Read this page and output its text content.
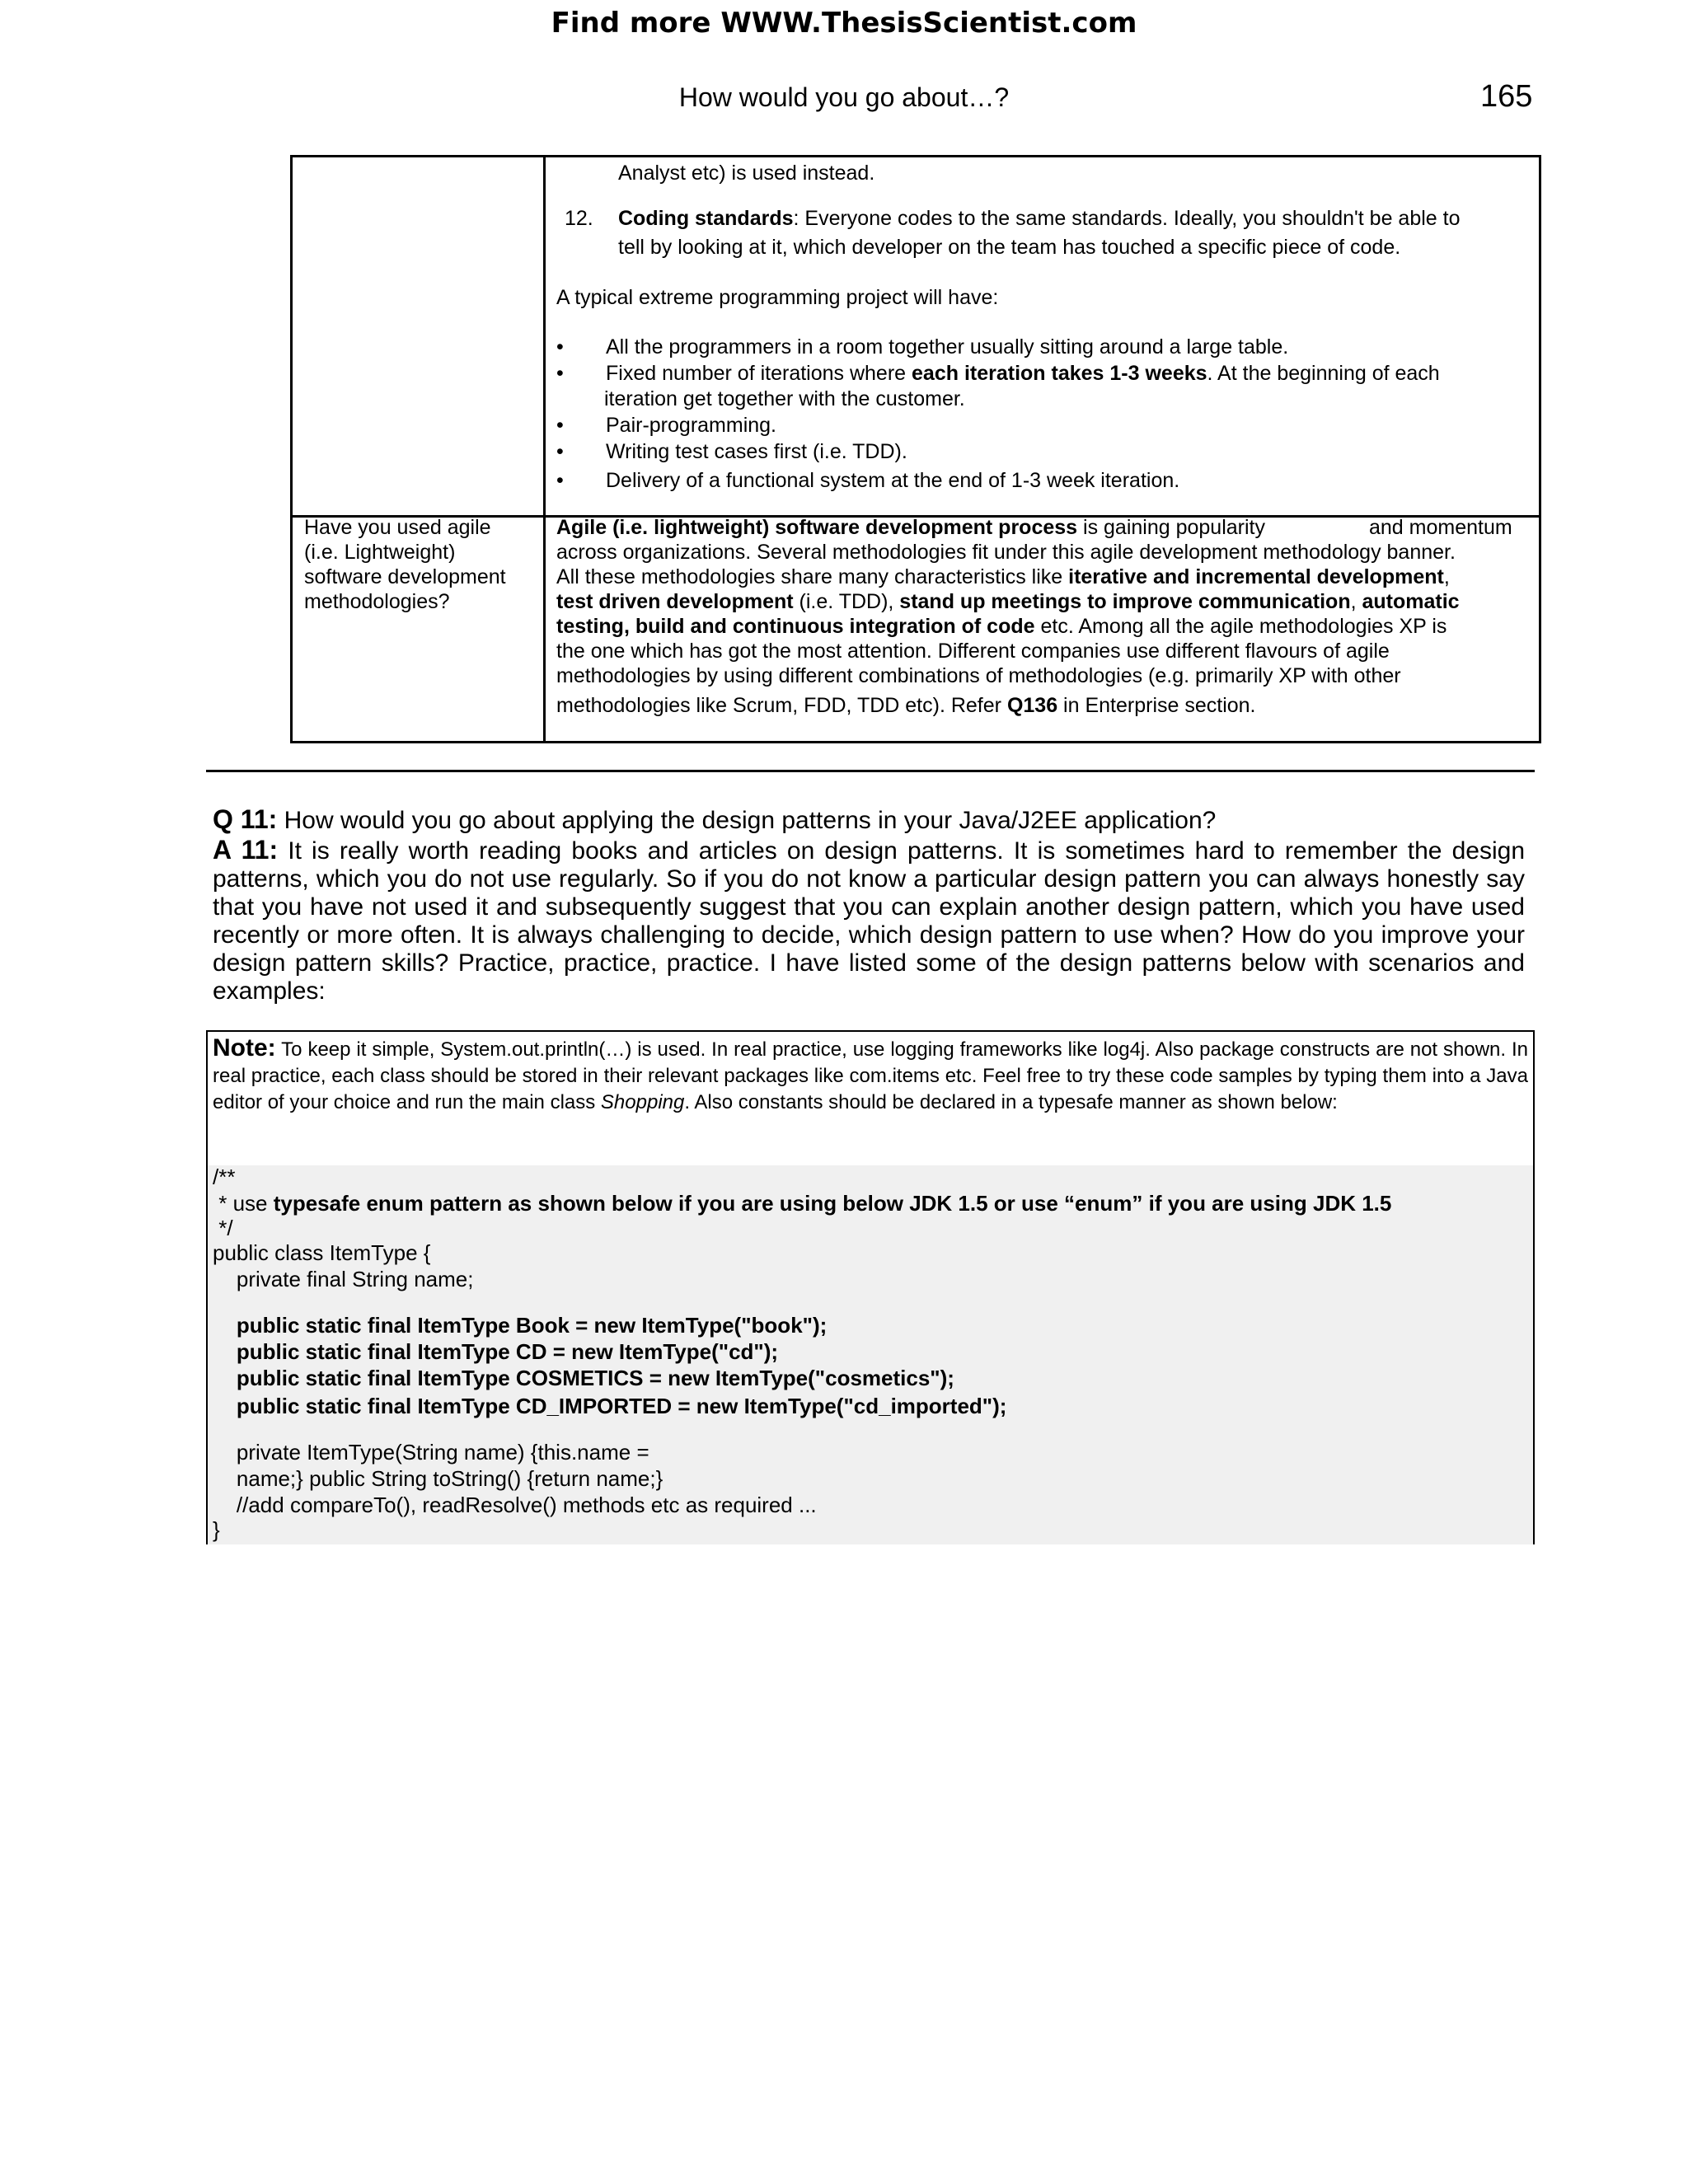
Find more WWW.ThesisScientist.com
How would you go about…?	165
Analyst etc) is used instead.
12. Coding standards: Everyone codes to the same standards. Ideally, you shouldn't be able to
tell by looking at it, which developer on the team has touched a specific piece of code.
A typical extreme programming project will have:
• All the programmers in a room together usually sitting around a large table.
• Fixed number of iterations where each iteration takes 1-3 weeks. At the beginning of each
iteration get together with the customer.
• Pair-programming.
• Writing test cases first (i.e. TDD).
• Delivery of a functional system at the end of 1-3 week iteration.
Have you used agile
(i.e. Lightweight)
software development
methodologies?
Agile (i.e. lightweight) software development process is gaining popularity	and momentum
across organizations. Several methodologies fit under this agile development methodology banner.
All these methodologies share many characteristics like iterative and incremental development,
test driven development (i.e. TDD), stand up meetings to improve communication, automatic
testing, build and continuous integration of code etc. Among all the agile methodologies XP is
the one which has got the most attention. Different companies use different flavours of agile
methodologies by using different combinations of methodologies (e.g. primarily XP with other
methodologies like Scrum, FDD, TDD etc). Refer Q136 in Enterprise section.
Q 11: How would you go about applying the design patterns in your Java/J2EE application?
A 11: It is really worth reading books and articles on design patterns. It is sometimes hard to remember the design patterns, which you do not use regularly. So if you do not know a particular design pattern you can always honestly say that you have not used it and subsequently suggest that you can explain another design pattern, which you have used recently or more often. It is always challenging to decide, which design pattern to use when? How do you improve your design pattern skills? Practice, practice, practice. I have listed some of the design patterns below with scenarios and examples:
Note: To keep it simple, System.out.println(…) is used. In real practice, use logging frameworks like log4j. Also package constructs are not shown. In real practice, each class should be stored in their relevant packages like com.items etc. Feel free to try these code samples by typing them into a Java editor of your choice and run the main class Shopping. Also constants should be declared in a typesafe manner as shown below:
/**
* use typesafe enum pattern as shown below if you are using below JDK 1.5 or use “enum” if you are using JDK 1.5
*/
public class ItemType {
private final String name;
public static final ItemType Book = new ItemType("book");
public static final ItemType CD = new ItemType("cd");
public static final ItemType COSMETICS = new ItemType("cosmetics");
public static final ItemType CD_IMPORTED = new ItemType("cd_imported");
private ItemType(String name) {this.name =
name;} public String toString() {return name;}
//add compareTo(), readResolve() methods etc as required ...
}
